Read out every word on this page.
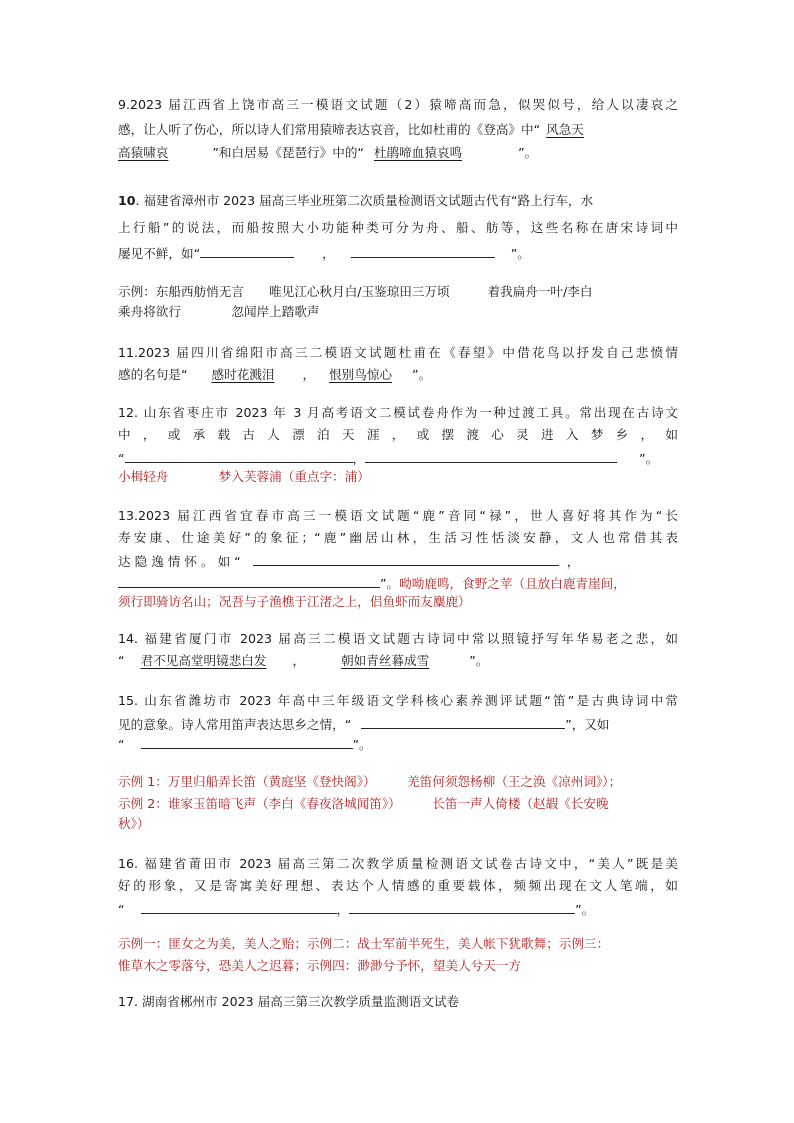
9.2023 届江西省上饶市高三一模语文试题（2）猿啼高而急，似哭似号，给人以凄哀之
感，让人听了伤心，所以诗人们常用猿啼表达哀音，比如杜甫的《登高》中“ 风急天
高猿啸哀	”和白居易《琵琶行》中的“ 杜鹃啼血猿哀鸣	”。
10. 福建省漳州市 2023 届高三毕业班第二次质量检测语文试题古代有“路上行车，水
上行船”的说法，而船按照大小功能种类可分为舟、船、舫等，这些名称在唐宋诗词中
屡见不鲜，如“	，	”。
示例：东船西舫悄无言　　唯见江心秋月白/玉鉴琼田三万顷　　　着我扁舟一叶/李白
乘舟将欲行　　　　忽闻岸上踏歌声
11.2023 届四川省绵阳市高三二模语文试题杜甫在《春望》中借花鸟以抒发自己悲愤情
感的名句是“ 感时花溅泪 ， 恨别鸟惊心 ”。
12. 山东省枣庄市 2023 年 3 月高考语文二模试卷舟作为一种过渡工具。常出现在古诗文
中 ， 或 承 载 古 人 漂 泊 天 涯 ， 或 摆 渡 心 灵 进 入 梦 乡 ， 如
“	，	”。
小楫轻舟　　　　梦入芙蓉浦（重点字：浦）
13.2023 届江西省宜春市高三一模语文试题“鹿”音同“禄”，世人喜好将其作为“长
寿安康、仕途美好”的象征；“鹿”幽居山林，生活习性恬淡安静，文人也常借其表
达 隐 逸 情 怀 。 如 “	，
”。呦呦鹿鸣，食野之苹（且放白鹿青崖间，
须行即骑访名山；况吾与子渔樵于江渚之上，侣鱼虾而友麋鹿）
14. 福建省厦门市 2023 届高三二模语文试题古诗词中常以照镜抒写年华易老之悲，如
“ 君不见高堂明镜悲白发 ，	朝如青丝暮成雪	”。
15. 山东省潍坊市 2023 年高中三年级语文学科核心素养测评试题“笛”是古典诗词中常
见的意象。诗人常用笛声表达思乡之情，“	”，又如
“	”。
示例 1：万里归船弄长笛（黄庭坚《登快阁》）　　　羌笛何须怨杨柳（王之涣《凉州词》）；
示例 2：谁家玉笛暗飞声（李白《春夜洛城闻笛》）　　　长笛一声人倚楼（赵嘏《长安晚
秋》）
16. 福建省莆田市 2023 届高三第二次教学质量检测语文试卷古诗文中，“美人”既是美
好的形象，又是寄寓美好理想、表达个人情感的重要载体，频频出现在文人笔端，如
“	，	”。
示例一：匪女之为美，美人之贻；示例二：战士军前半死生，美人帐下犹歌舞；示例三：
惟草木之零落兮，恐美人之迟暮；示例四：渺渺兮予怀，望美人兮天一方
17. 湖南省郴州市 2023 届高三第三次教学质量监测语文试卷
